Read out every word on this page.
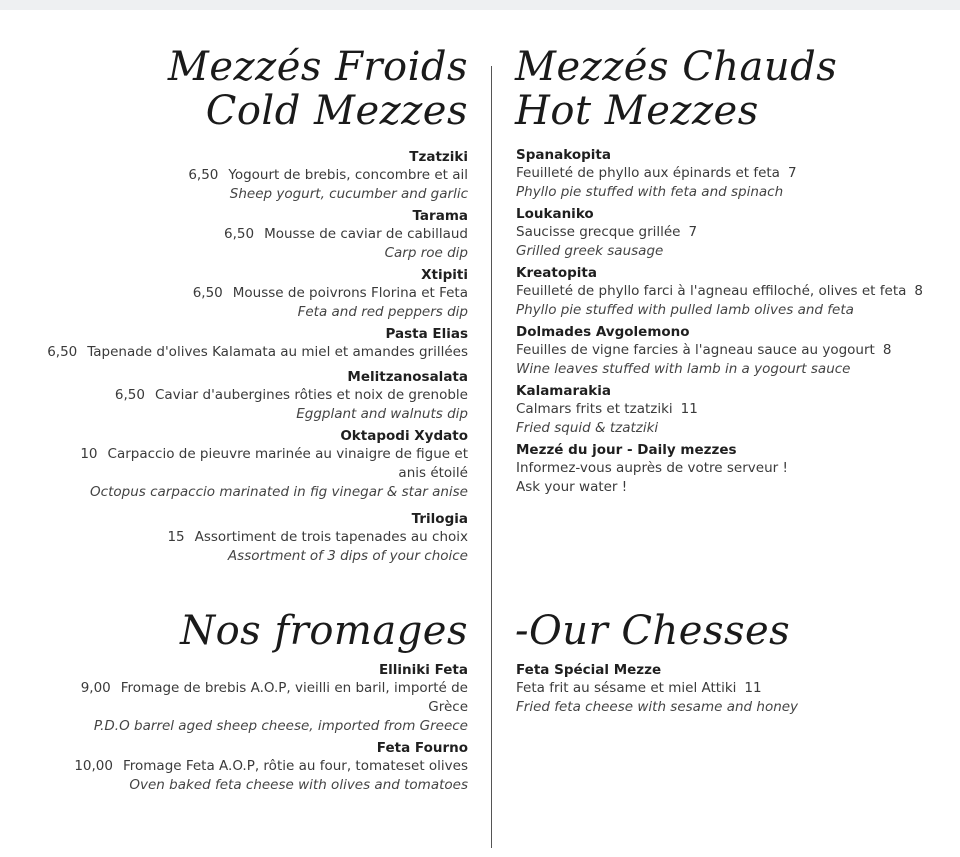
Mezzés Froids
Cold Mezzes
Mezzés Chauds
Hot Mezzes
Tzatziki
6,50 Yogourt de brebis, concombre et ail
Sheep yogurt, cucumber and garlic
Tarama
6,50 Mousse de caviar de cabillaud
Carp roe dip
Xtipiti
6,50 Mousse de poivrons Florina et Feta
Feta and red peppers dip
Pasta Elias
6,50 Tapenade d'olives Kalamata au miel et amandes grillées
Melitzanosalata
6,50 Caviar d'aubergines rôties et noix de grenoble
Eggplant and walnuts dip
Oktapodi Xydato
10 Carpaccio de pieuvre marinée au vinaigre de figue et
anis étoilé
Octopus carpaccio marinated in fig vinegar & star anise
Trilogia
15 Assortiment de trois tapenades au choix
Assortment of 3 dips of your choice
Spanakopita
Feuilleté de phyllo aux épinards et feta 7
Phyllo pie stuffed with feta and spinach
Loukaniko
Saucisse grecque grillée 7
Grilled greek sausage
Kreatopita
Feuilleté de phyllo farci à l'agneau effiloché, olives et feta 8
Phyllo pie stuffed with pulled lamb olives and feta
Dolmades Avgolemono
Feuilles de vigne farcies à l'agneau sauce au yogourt 8
Wine leaves stuffed with lamb in a yogourt sauce
Kalamarakia
Calmars frits et tzatziki 11
Fried squid & tzatziki
Mezzé du jour - Daily mezzes
Informez-vous auprès de votre serveur !
Ask your water !
Nos fromages -Our Chesses
Elliniki Feta
9,00 Fromage de brebis A.O.P, vieilli en baril, importé de
Grèce
P.D.O barrel aged sheep cheese, imported from Greece
Feta Fourno
10,00 Fromage Feta A.O.P, rôtie au four, tomateset olives
Oven baked feta cheese with olives and tomatoes
Feta Spécial Mezze
Feta frit au sésame et miel Attiki 11
Fried feta cheese with sesame and honey
